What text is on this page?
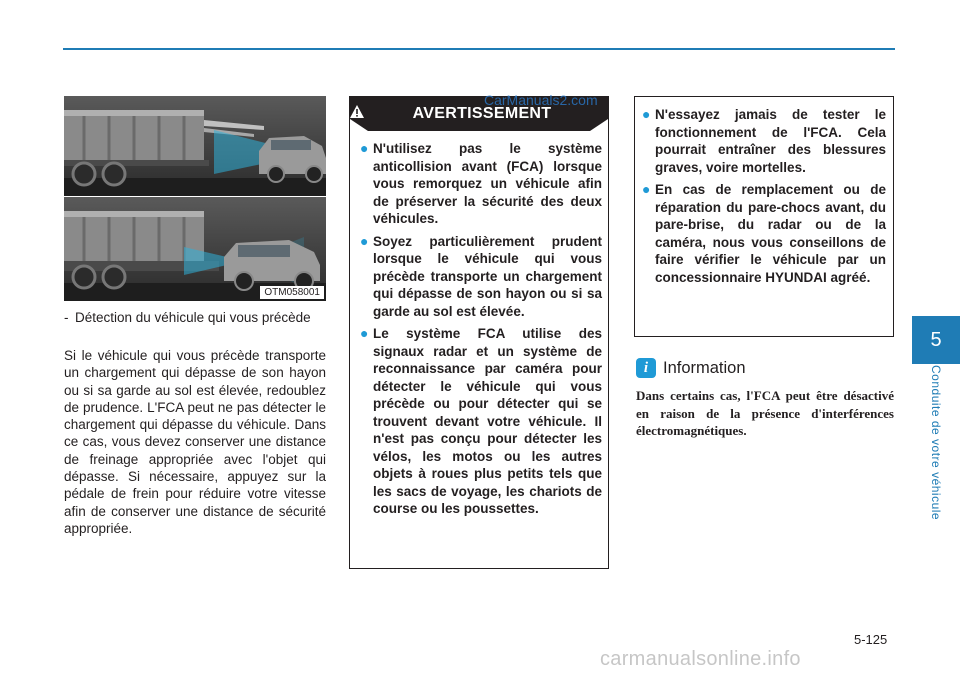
OTM058001
- Détection du véhicule qui vous précède
Si le véhicule qui vous précède transporte un chargement qui dépasse de son hayon ou si sa garde au sol est élevée, redoublez de prudence. L'FCA peut ne pas détecter le chargement qui dépasse du véhicule. Dans ce cas, vous devez conserver une distance de freinage appropriée avec l'objet qui dépasse. Si nécessaire, appuyez sur la pédale de frein pour réduire votre vitesse afin de conserver une distance de sécurité appropriée.
AVERTISSEMENT
● N'utilisez pas le système anticollision avant (FCA) lorsque vous remorquez un véhicule afin de préserver la sécurité des deux véhicules.
● Soyez particulièrement prudent lorsque le véhicule qui vous précède transporte un chargement qui dépasse de son hayon ou si sa garde au sol est élevée.
● Le système FCA utilise des signaux radar et un système de reconnaissance par caméra pour détecter le véhicule qui vous précède ou pour détecter qui se trouvent devant votre véhicule. Il n'est pas conçu pour détecter les vélos, les motos ou les autres objets à roues plus petits tels que les sacs de voyage, les chariots de course ou les poussettes.
CarManuals2.com
● N'essayez jamais de tester le fonctionnement de l'FCA. Cela pourrait entraîner des blessures graves, voire mortelles.
● En cas de remplacement ou de réparation du pare-chocs avant, du pare-brise, du radar ou de la caméra, nous vous conseillons de faire vérifier le véhicule par un concessionnaire HYUNDAI agréé.
i Information
Dans certains cas, l'FCA peut être désactivé en raison de la présence d'interférences électromagnétiques.
5
Conduite de votre véhicule
5-125
carmanualsonline.info
